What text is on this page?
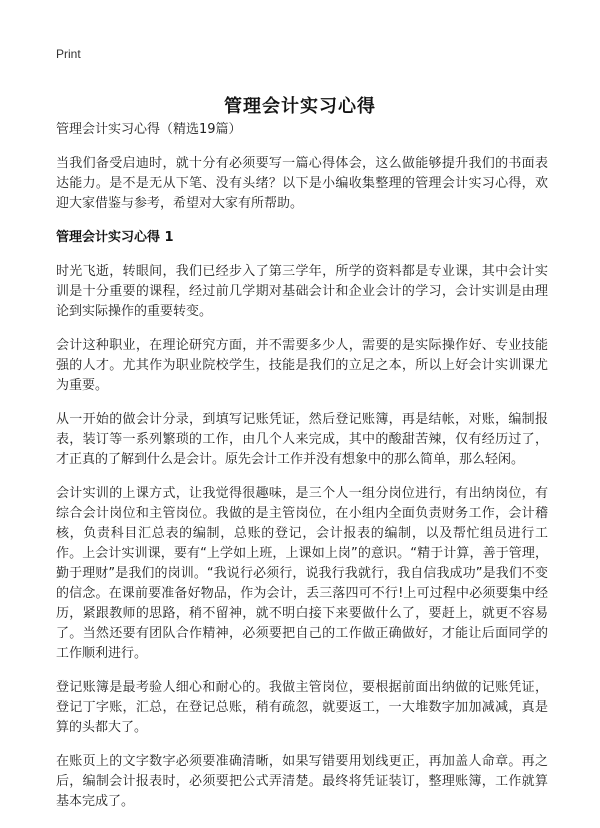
Print
管理会计实习心得

管理会计实习心得（精选19篇）

当我们备受启迪时，就十分有必须要写一篇心得体会，这么做能够提升我们的书面表达能力。是不是无从下笔、没有头绪？以下是小编收集整理的管理会计实习心得，欢迎大家借鉴与参考，希望对大家有所帮助。

管理会计实习心得 1

时光飞逝，转眼间，我们已经步入了第三学年，所学的资料都是专业课，其中会计实训是十分重要的课程，经过前几学期对基础会计和企业会计的学习，会计实训是由理论到实际操作的重要转变。

会计这种职业，在理论研究方面，并不需要多少人，需要的是实际操作好、专业技能强的人才。尤其作为职业院校学生，技能是我们的立足之本，所以上好会计实训课尤为重要。

从一开始的做会计分录，到填写记账凭证，然后登记账簿，再是结帐，对账，编制报表，装订等一系列繁琐的工作，由几个人来完成，其中的酸甜苦辣，仅有经历过了，才正真的了解到什么是会计。原先会计工作并没有想象中的那么简单，那么轻闲。

会计实训的上课方式，让我觉得很趣味，是三个人一组分岗位进行，有出纳岗位，有综合会计岗位和主管岗位。我做的是主管岗位，在小组内全面负责财务工作，会计稽核，负责科目汇总表的编制，总账的登记，会计报表的编制，以及帮忙组员进行工作。上会计实训课，要有“上学如上班，上课如上岗”的意识。“精于计算，善于管理，勤于理财”是我们的岗训。“我说行必须行，说我行我就行，我自信我成功”是我们不变的信念。在课前要准备好物品，作为会计，丢三落四可不行!上可过程中必须要集中经历，紧跟教师的思路，稍不留神，就不明白接下来要做什么了，要赶上，就更不容易了。当然还要有团队合作精神，必须要把自己的工作做正确做好，才能让后面同学的工作顺利进行。

登记账簿是最考验人细心和耐心的。我做主管岗位，要根据前面出纳做的记账凭证，登记丁字账，汇总，在登记总账，稍有疏忽，就要返工，一大堆数字加加减减，真是算的头都大了。

在账页上的文字数字必须要准确清晰，如果写错要用划线更正，再加盖人命章。再之后，编制会计报表时，必须要把公式弄清楚。最终将凭证装订，整理账簿，工作就算基本完成了。
